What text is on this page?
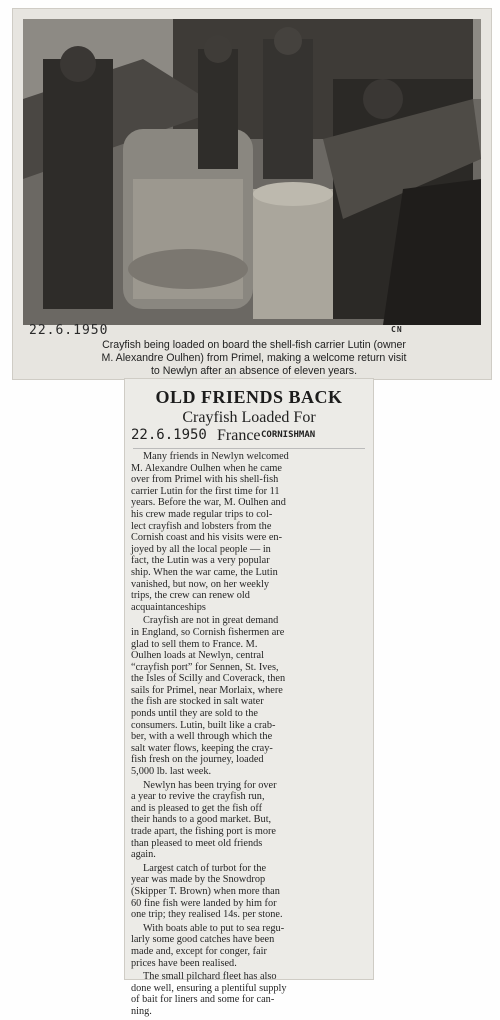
22.6.1950	CN
Crayfish being loaded on board the shell-fish carrier Lutin (owner
M. Alexandre Oulhen) from Primel, making a welcome return visit
to Newlyn after an absence of eleven years.
OLD FRIENDS BACK
Crayfish Loaded For
22.6.1950 France CORNISHMAN

Many friends in Newlyn welcomed
M. Alexandre Oulhen when he came
over from Primel with his shell-fish
carrier Lutin for the first time for 11
years. Before the war, M. Oulhen and
his crew made regular trips to col-
lect crayfish and lobsters from the
Cornish coast and his visits were en-
joyed by all the local people — in
fact, the Lutin was a very popular
ship. When the war came, the Lutin
vanished, but now, on her weekly
trips, the crew can renew old
acquaintanceships

Crayfish are not in great demand
in England, so Cornish fishermen are
glad to sell them to France. M.
Oulhen loads at Newlyn, central
“crayfish port” for Sennen, St. Ives,
the Isles of Scilly and Coverack, then
sails for Primel, near Morlaix, where
the fish are stocked in salt water
ponds until they are sold to the
consumers. Lutin, built like a crab-
ber, with a well through which the
salt water flows, keeping the cray-
fish fresh on the journey, loaded
5,000 lb. last week.

Newlyn has been trying for over
a year to revive the crayfish run,
and is pleased to get the fish off
their hands to a good market. But,
trade apart, the fishing port is more
than pleased to meet old friends
again.

Largest catch of turbot for the
year was made by the Snowdrop
(Skipper T. Brown) when more than
60 fine fish were landed by him for
one trip; they realised 14s. per stone.

With boats able to put to sea regu-
larly some good catches have been
made and, except for conger, fair
prices have been realised.

The small pilchard fleet has also
done well, ensuring a plentiful supply
of bait for liners and some for can-
ning.
